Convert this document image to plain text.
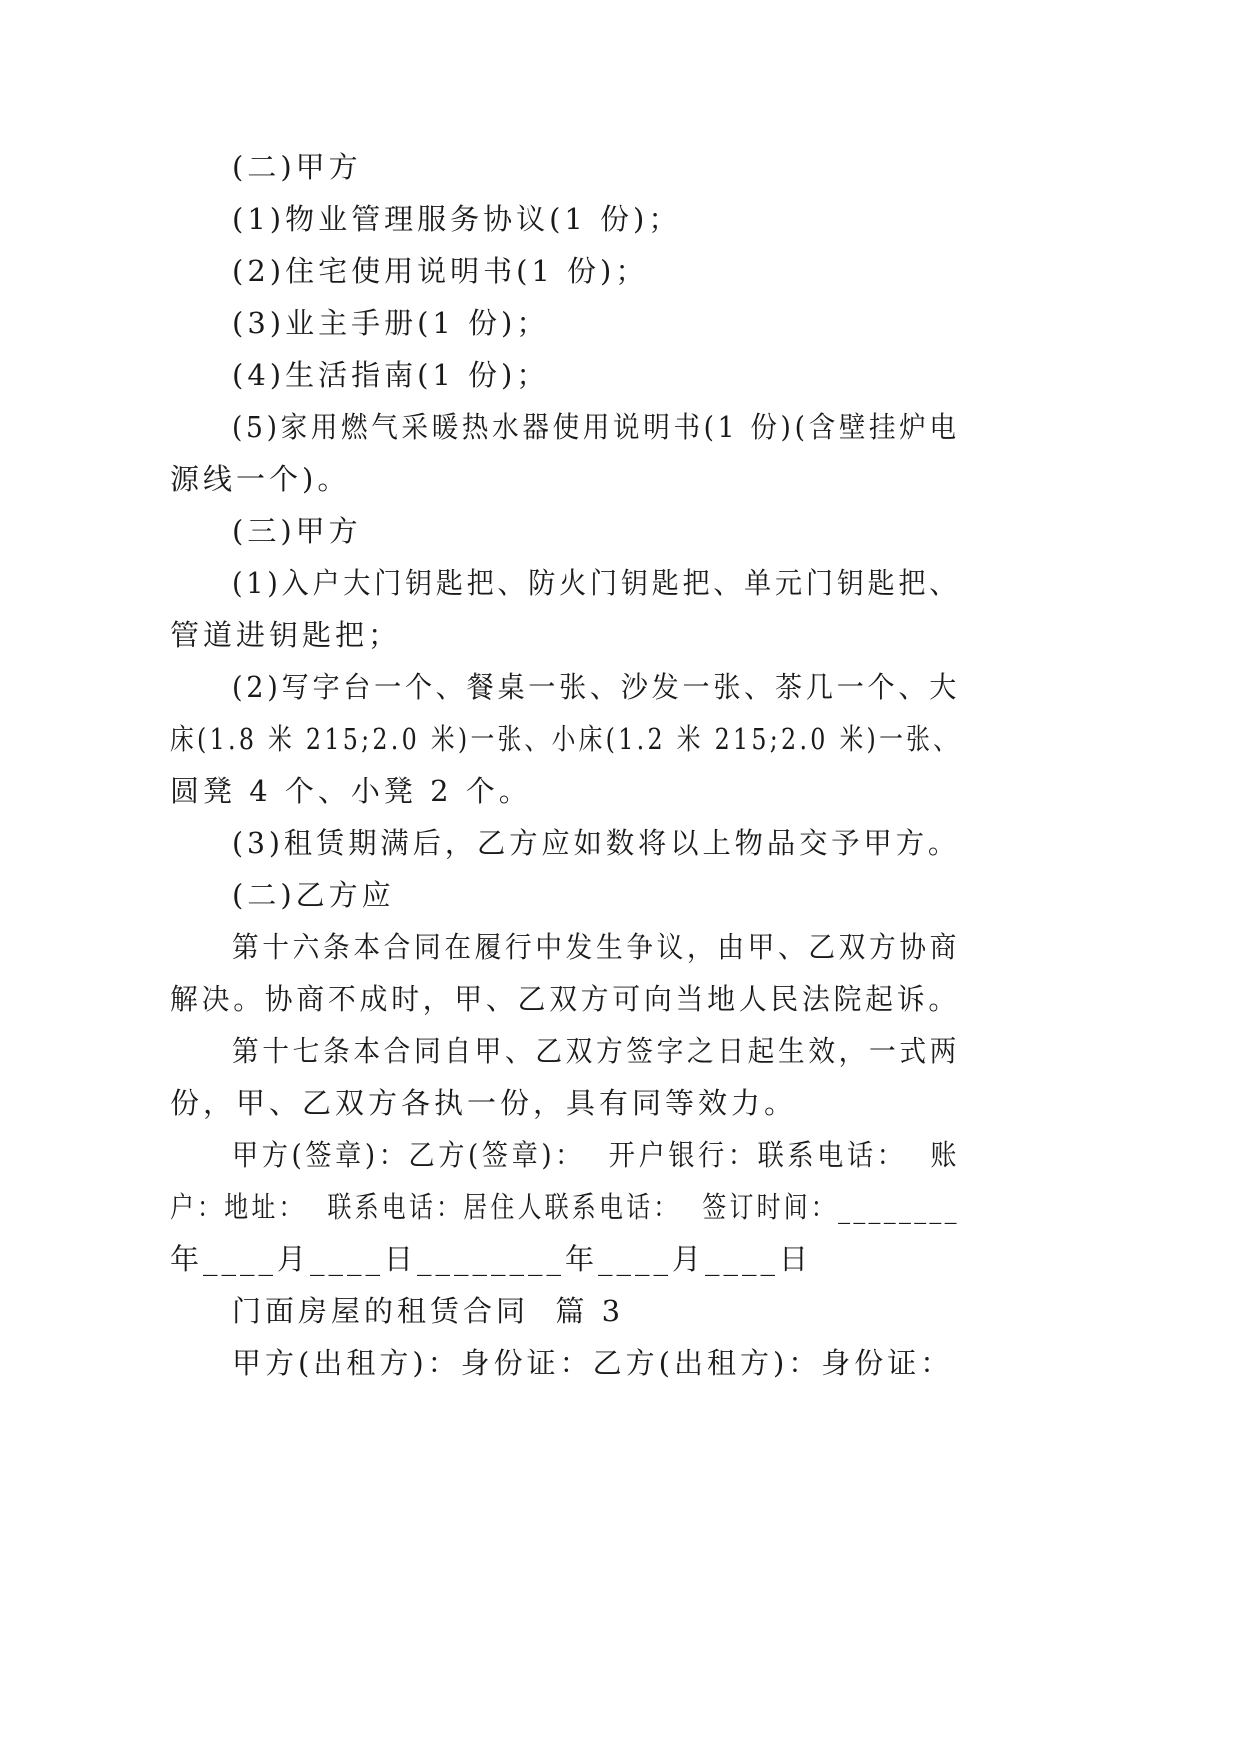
(二)甲方
(1)物业管理服务协议(1 份)；
(2)住宅使用说明书(1 份)；
(3)业主手册(1 份)；
(4)生活指南(1 份)；
(5)家用燃气采暖热水器使用说明书(1 份)(含壁挂炉电
源线一个)。
(三)甲方
(1)入户大门钥匙把、防火门钥匙把、单元门钥匙把、
管道进钥匙把；
(2)写字台一个、餐桌一张、沙发一张、茶几一个、大
床(1.8 米 215;2.0 米)一张、小床(1.2 米 215;2.0 米)一张、
圆凳 4 个、小凳 2 个。
(3)租赁期满后，乙方应如数将以上物品交予甲方。
(二)乙方应
第十六条本合同在履行中发生争议，由甲、乙双方协商
解决。协商不成时，甲、乙双方可向当地人民法院起诉。
第十七条本合同自甲、乙双方签字之日起生效，一式两
份，甲、乙双方各执一份，具有同等效力。
甲方(签章)：乙方(签章)：  开户银行：联系电话：  账
户：地址：  联系电话：居住人联系电话：  签订时间：________
年____月____日________年____月____日
门面房屋的租赁合同  篇 3
甲方(出租方)：身份证：乙方(出租方)：身份证：
